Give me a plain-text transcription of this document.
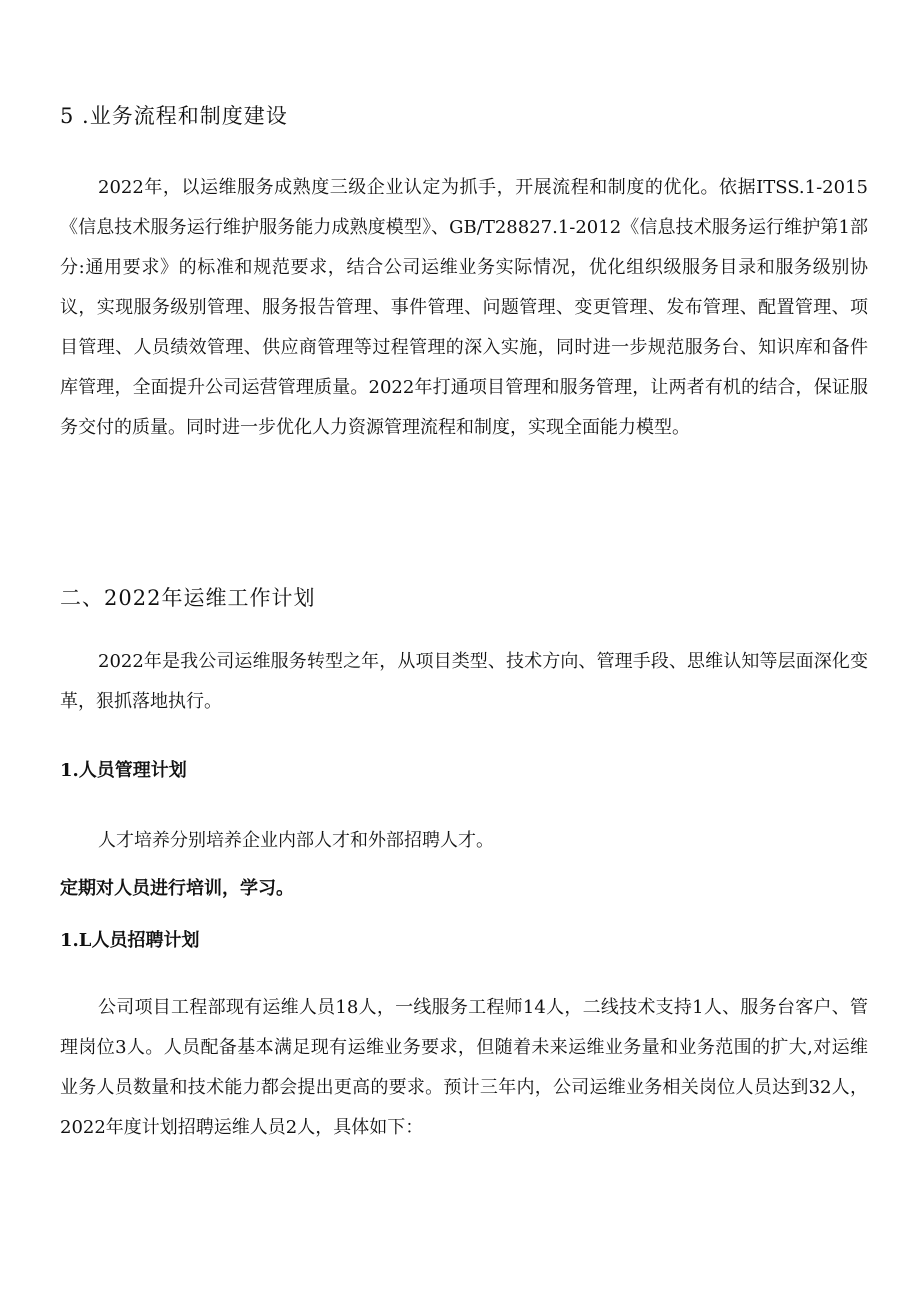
5 .业务流程和制度建设

2022年，以运维服务成熟度三级企业认定为抓手，开展流程和制度的优化。依据ITSS.1-2015《信息技术服务运行维护服务能力成熟度模型》、GB/T28827.1-2012《信息技术服务运行维护第1部分:通用要求》的标准和规范要求，结合公司运维业务实际情况，优化组织级服务目录和服务级别协议，实现服务级别管理、服务报告管理、事件管理、问题管理、变更管理、发布管理、配置管理、项目管理、人员绩效管理、供应商管理等过程管理的深入实施，同时进一步规范服务台、知识库和备件库管理，全面提升公司运营管理质量。2022年打通项目管理和服务管理，让两者有机的结合，保证服务交付的质量。同时进一步优化人力资源管理流程和制度，实现全面能力模型。

二、2022年运维工作计划

2022年是我公司运维服务转型之年，从项目类型、技术方向、管理手段、思维认知等层面深化变革，狠抓落地执行。

1.人员管理计划
人才培养分别培养企业内部人才和外部招聘人才。
定期对人员进行培训，学习。
1.L人员招聘计划

公司项目工程部现有运维人员18人，一线服务工程师14人，二线技术支持1人、服务台客户、管理岗位3人。人员配备基本满足现有运维业务要求，但随着未来运维业务量和业务范围的扩大,对运维业务人员数量和技术能力都会提出更高的要求。预计三年内，公司运维业务相关岗位人员达到32人，2022年度计划招聘运维人员2人，具体如下：
